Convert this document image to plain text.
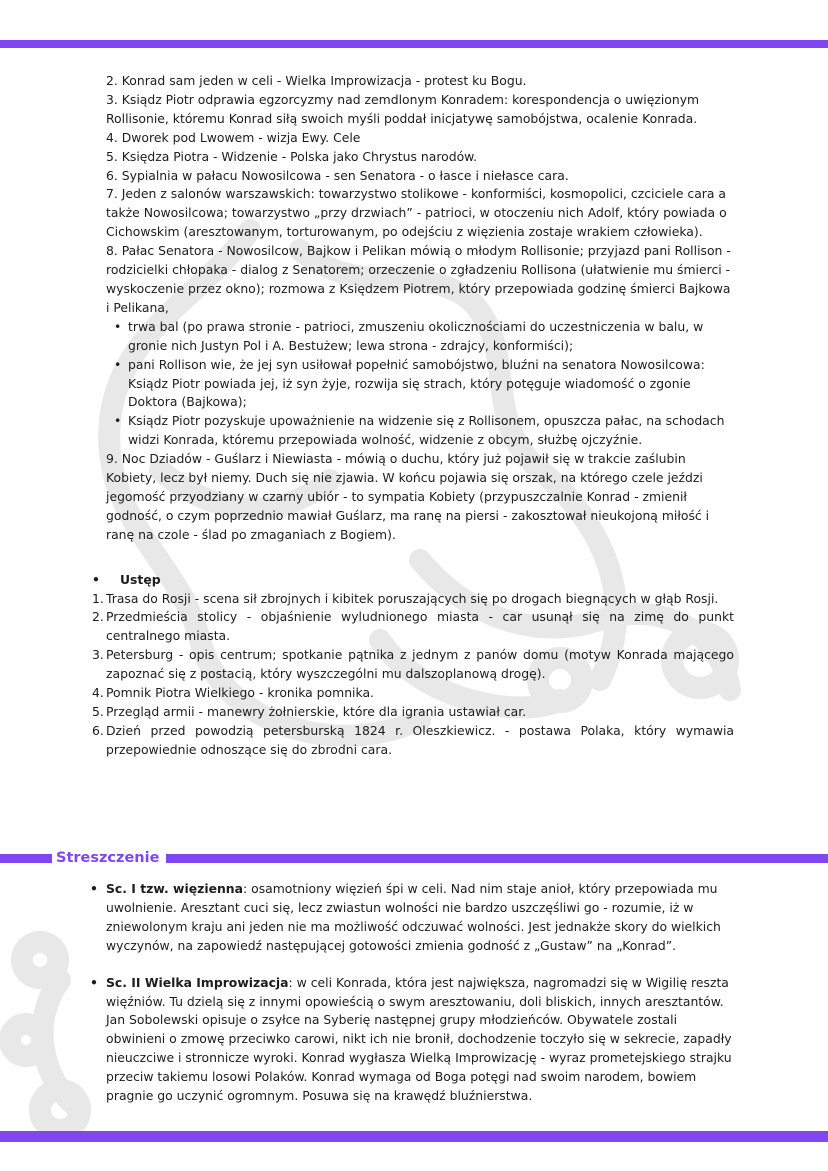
2. Konrad sam jeden w celi - Wielka Improwizacja - protest ku Bogu.

3. Ksiądz Piotr odprawia egzorcyzmy nad zemdlonym Konradem: korespondencja o uwięzionym Rollisonie, któremu Konrad siłą swoich myśli poddał inicjatywę samobójstwa, ocalenie Konrada.

4. Dworek pod Lwowem - wizja Ewy. Cele

5. Księdza Piotra - Widzenie - Polska jako Chrystus narodów.

6. Sypialnia w pałacu Nowosilcowa - sen Senatora - o łasce i niełasce cara.

7. Jeden z salonów warszawskich: towarzystwo stolikowe - konformiści, kosmopolici, czciciele cara a także Nowosilcowa; towarzystwo „przy drzwiach” - patrioci, w otoczeniu nich Adolf, który powiada o Cichowskim (aresztowanym, torturowanym, po odejściu z więzienia zostaje wrakiem człowieka).

8. Pałac Senatora - Nowosilcow, Bajkow i Pelikan mówią o młodym Rollisonie; przyjazd pani Rollison - rodzicielki chłopaka - dialog z Senatorem; orzeczenie o zgładzeniu Rollisona (ułatwienie mu śmierci - wyskoczenie przez okno); rozmowa z Księdzem Piotrem, który przepowiada godzinę śmierci Bajkowa i Pelikana,

• trwa bal (po prawa stronie - patrioci, zmuszeniu okolicznościami do uczestniczenia w balu, w gronie nich Justyn Pol i A. Bestużew; lewa strona - zdrajcy, konformiści);
• pani Rollison wie, że jej syn usiłował popełnić samobójstwo, bluźni na senatora Nowosilcowa: Ksiądz Piotr powiada jej, iż syn żyje, rozwija się strach, który potęguje wiadomość o zgonie Doktora (Bajkowa);
• Ksiądz Piotr pozyskuje upoważnienie na widzenie się z Rollisonem, opuszcza pałac, na schodach widzi Konrada, któremu przepowiada wolność, widzenie z obcym, służbę ojczyźnie.

9. Noc Dziadów - Guślarz i Niewiasta - mówią o duchu, który już pojawił się w trakcie zaślubin Kobiety, lecz był niemy. Duch się nie zjawia. W końcu pojawia się orszak, na którego czele jeździ jegomość przyodziany w czarny ubiór - to sympatia Kobiety (przypuszczalnie Konrad - zmienił godność, o czym poprzednio mawiał Guślarz, ma ranę na piersi - zakosztował nieukojoną miłość i ranę na czole - ślad po zmaganiach z Bogiem).

• Ustęp
1. Trasa do Rosji - scena sił zbrojnych i kibitek poruszających się po drogach biegnących w głąb Rosji.
2. Przedmieścia stolicy - objaśnienie wyludnionego miasta - car usunął się na zimę do punkt centralnego miasta.
3. Petersburg - opis centrum; spotkanie pątnika z jednym z panów domu (motyw Konrada mającego zapoznać się z postacią, który wyszczególni mu dalszoplanową drogę).
4. Pomnik Piotra Wielkiego - kronika pomnika.
5. Przegląd armii - manewry żołnierskie, które dla igrania ustawiał car.
6. Dzień przed powodzią petersburską 1824 r. Oleszkiewicz. - postawa Polaka, który wymawia przepowiednie odnoszące się do zbrodni cara.
Streszczenie

• Sc. I tzw. więzienna: osamotniony więzień śpi w celi. Nad nim staje anioł, który przepowiada mu uwolnienie. Aresztant cuci się, lecz zwiastun wolności nie bardzo uszczęśliwi go - rozumie, iż w zniewolonym kraju ani jeden nie ma możliwość odczuwać wolności. Jest jednakże skory do wielkich wyczynów, na zapowiedź następującej gotowości zmienia godność z „Gustaw” na „Konrad”.

• Sc. II Wielka Improwizacja: w celi Konrada, która jest największa, nagromadzi się w Wigilię reszta więźniów. Tu dzielą się z innymi opowieścią o swym aresztowaniu, doli bliskich, innych aresztantów. Jan Sobolewski opisuje o zsyłce na Syberię następnej grupy młodzieńców. Obywatele zostali obwinieni o zmowę przeciwko carowi, nikt ich nie bronił, dochodzenie toczyło się w sekrecie, zapadły nieuczciwe i stronnicze wyroki. Konrad wygłasza Wielką Improwizację - wyraz prometejskiego strajku przeciw takiemu losowi Polaków. Konrad wymaga od Boga potęgi nad swoim narodem, bowiem pragnie go uczynić ogromnym. Posuwa się na krawędź bluźnierstwa.
